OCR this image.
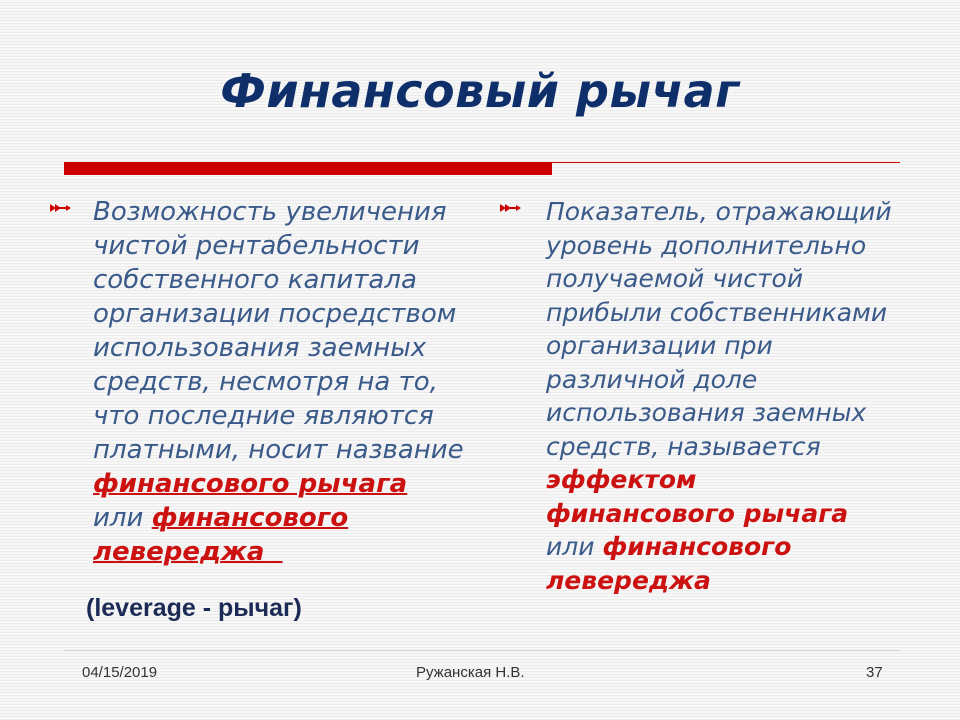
Финансовый рычаг
Возможность увеличения
чистой рентабельности
собственного капитала
организации посредством
использования заемных
средств, несмотря на то,
что последние являются
платными, носит название
финансового рычага
или финансового
левереджа
(leverage - рычаг)
Показатель, отражающий
уровень дополнительно
получаемой чистой
прибыли собственниками
организации при
различной доле
использования заемных
средств, называется
эффектом
финансового рычага
или финансового
левереджа
04/15/2019	Ружанская Н.В.	37
